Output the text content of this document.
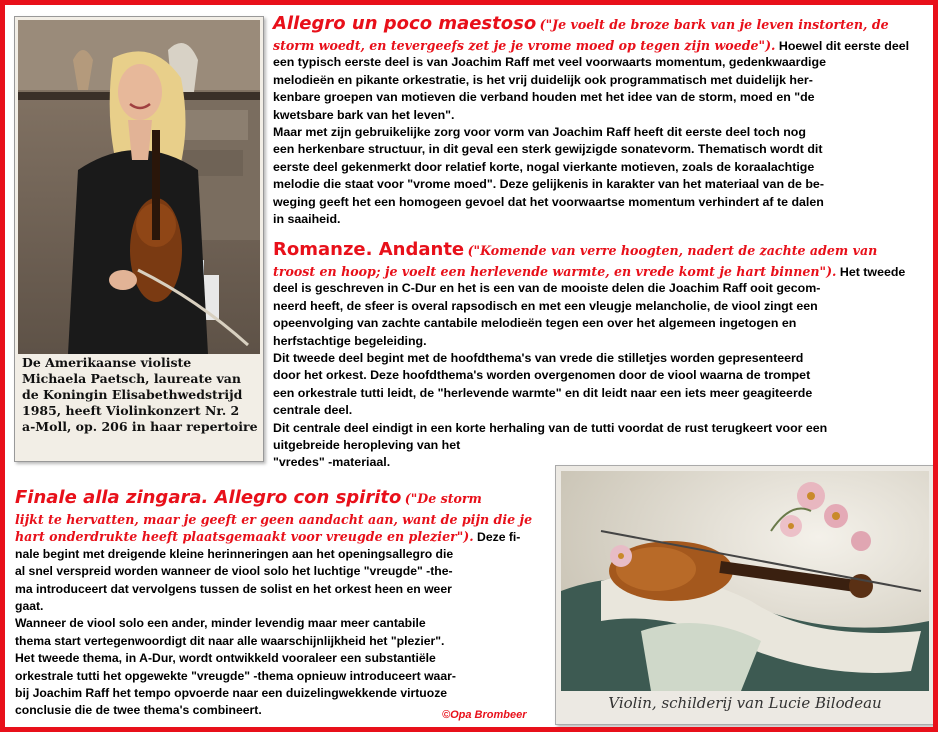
De Amerikaanse violiste
Michaela Paetsch, laureate van
de Koningin Elisabethwedstrijd
1985, heeft Violinkonzert Nr. 2
a-Moll, op. 206 in haar repertoire
Allegro un poco maestoso ("Je voelt de broze bark van je leven instorten, de
storm woedt, en tevergeefs zet je je vrome moed op tegen zijn woede"). Hoewel dit eerste deel
een typisch eerste deel is van Joachim Raff met veel voorwaarts momentum, gedenkwaardige
melodieën en pikante orkestratie, is het vrij duidelijk ook programmatisch met duidelijk her-
kenbare groepen van motieven die verband houden met het idee van de storm, moed en "de
kwetsbare bark van het leven".
Maar met zijn gebruikelijke zorg voor vorm van Joachim Raff heeft dit eerste deel toch nog
een herkenbare structuur, in dit geval een sterk gewijzigde sonatevorm. Thematisch wordt dit
eerste deel gekenmerkt door relatief korte, nogal vierkante motieven, zoals de koraalachtige
melodie die staat voor "vrome moed". Deze gelijkenis in karakter van het materiaal van de be-
weging geeft het een homogeen gevoel dat het voorwaartse momentum verhindert af te dalen
in saaiheid.
Romanze. Andante ("Komende van verre hoogten, nadert de zachte adem van
troost en hoop; je voelt een herlevende warmte, en vrede komt je hart binnen"). Het tweede
deel is geschreven in C-Dur en het is een van de mooiste delen die Joachim Raff ooit gecom-
neerd heeft, de sfeer is overal rapsodisch en met een vleugje melancholie, de viool zingt een
opeenvolging van zachte cantabile melodieën tegen een over het algemeen ingetogen en
herfstachtige begeleiding.
Dit tweede deel begint met de hoofdthema's van vrede die stilletjes worden gepresenteerd
door het orkest. Deze hoofdthema's worden overgenomen door de viool waarna de trompet
een orkestrale tutti leidt, de "herlevende warmte" en dit leidt naar een iets meer geagiteerde
centrale deel.
Dit centrale deel eindigt in een korte herhaling van de tutti voordat de rust terugkeert voor een
uitgebreide heropleving van het
"vredes" -materiaal.
Finale alla zingara. Allegro con spirito ("De storm
lijkt te hervatten, maar je geeft er geen aandacht aan, want de pijn die je
hart onderdrukte heeft plaatsgemaakt voor vreugde en plezier"). Deze fi-
nale begint met dreigende kleine herinneringen aan het openingsallegro die
al snel verspreid worden wanneer de viool solo het luchtige "vreugde" -the-
ma introduceert dat vervolgens tussen de solist en het orkest heen en weer
gaat.
Wanneer de viool solo een ander, minder levendig maar meer cantabile
thema start vertegenwoordigt dit naar alle waarschijnlijkheid het "plezier".
Het tweede thema, in A-Dur, wordt ontwikkeld vooraleer een substantiële
orkestrale tutti het opgewekte "vreugde" -thema opnieuw introduceert waar-
bij Joachim Raff het tempo opvoerde naar een duizelingwekkende virtuoze
conclusie die de twee thema's combineert.	©Opa Brombeer
Violin, schilderij van Lucie Bilodeau
